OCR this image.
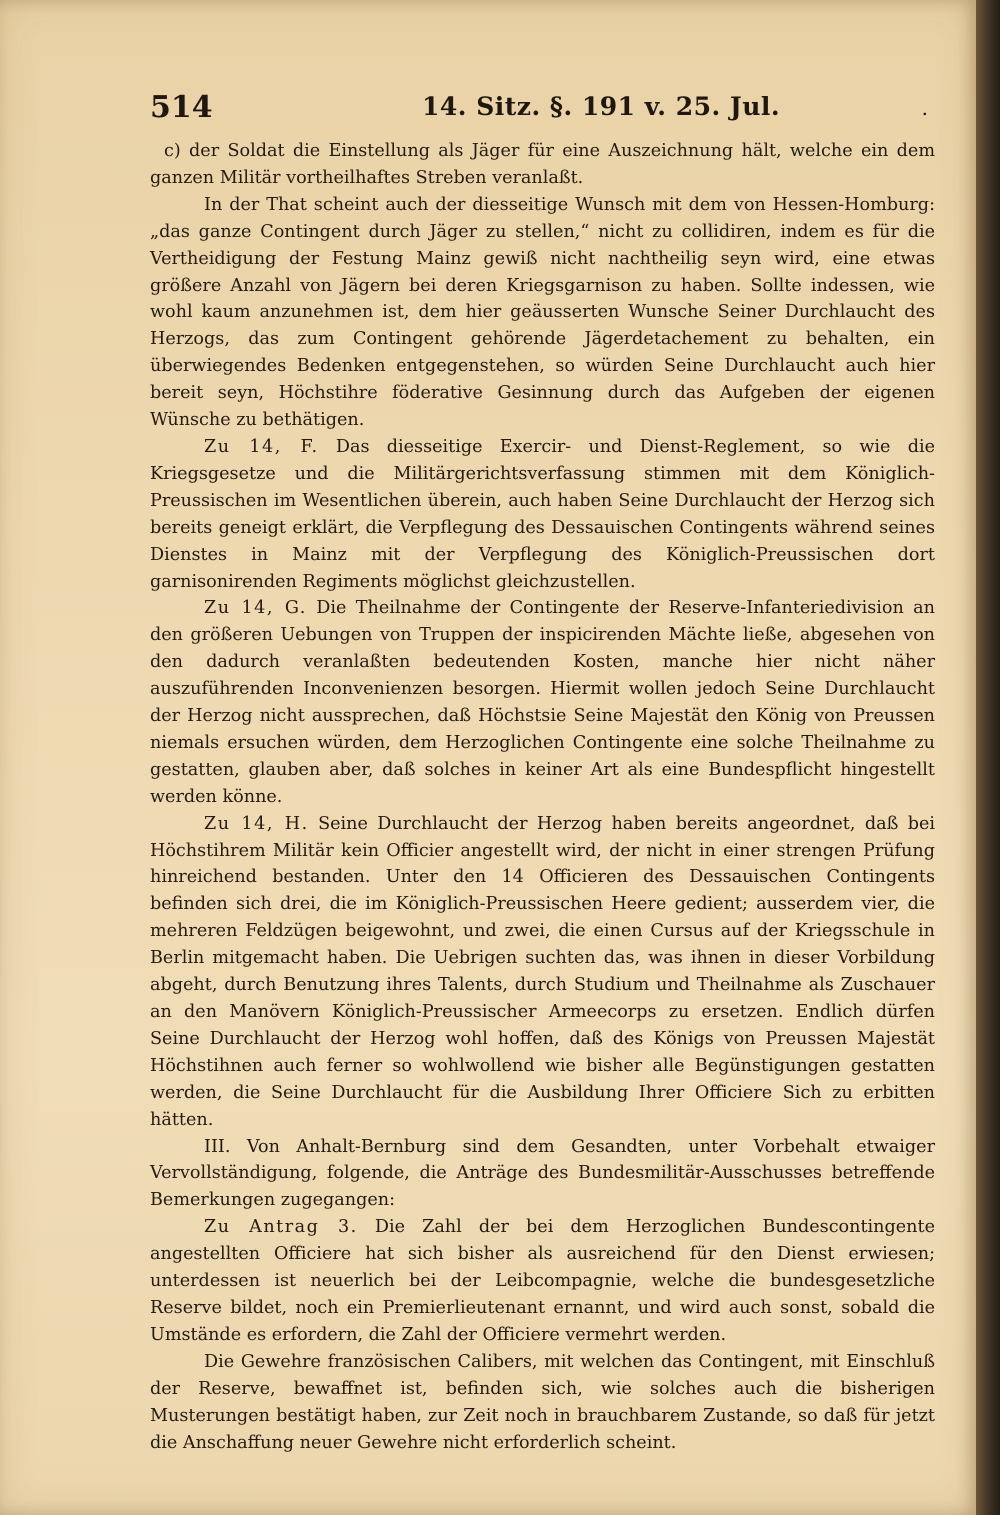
514	14. Sitz. §. 191 v. 25. Jul.	.

c) der Soldat die Einstellung als Jäger für eine Auszeichnung hält, welche ein dem ganzen Militär vortheilhaftes Streben veranlaßt.

In der That scheint auch der diesseitige Wunsch mit dem von Hessen-Homburg: „das ganze Contingent durch Jäger zu stellen,“ nicht zu collidiren, indem es für die Vertheidigung der Festung Mainz gewiß nicht nachtheilig seyn wird, eine etwas größere Anzahl von Jägern bei deren Kriegsgarnison zu haben. Sollte indessen, wie wohl kaum anzunehmen ist, dem hier geäusserten Wunsche Seiner Durchlaucht des Herzogs, das zum Contingent gehörende Jägerdetachement zu behalten, ein überwiegendes Bedenken entgegenstehen, so würden Seine Durchlaucht auch hier bereit seyn, Höchstihre föderative Gesinnung durch das Aufgeben der eigenen Wünsche zu bethätigen.

Zu 14, F. Das diesseitige Exercir- und Dienst-Reglement, so wie die Kriegsgesetze und die Militärgerichtsverfassung stimmen mit dem Königlich-Preussischen im Wesentlichen überein, auch haben Seine Durchlaucht der Herzog sich bereits geneigt erklärt, die Verpflegung des Dessauischen Contingents während seines Dienstes in Mainz mit der Verpflegung des Königlich-Preussischen dort garnisonirenden Regiments möglichst gleichzustellen.

Zu 14, G. Die Theilnahme der Contingente der Reserve-Infanteriedivision an den größeren Uebungen von Truppen der inspicirenden Mächte ließe, abgesehen von den dadurch veranlaßten bedeutenden Kosten, manche hier nicht näher auszuführenden Inconvenienzen besorgen. Hiermit wollen jedoch Seine Durchlaucht der Herzog nicht aussprechen, daß Höchstsie Seine Majestät den König von Preussen niemals ersuchen würden, dem Herzoglichen Contingente eine solche Theilnahme zu gestatten, glauben aber, daß solches in keiner Art als eine Bundespflicht hingestellt werden könne.

Zu 14, H. Seine Durchlaucht der Herzog haben bereits angeordnet, daß bei Höchstihrem Militär kein Officier angestellt wird, der nicht in einer strengen Prüfung hinreichend bestanden. Unter den 14 Officieren des Dessauischen Contingents befinden sich drei, die im Königlich-Preussischen Heere gedient; ausserdem vier, die mehreren Feldzügen beigewohnt, und zwei, die einen Cursus auf der Kriegsschule in Berlin mitgemacht haben. Die Uebrigen suchten das, was ihnen in dieser Vorbildung abgeht, durch Benutzung ihres Talents, durch Studium und Theilnahme als Zuschauer an den Manövern Königlich-Preussischer Armeecorps zu ersetzen. Endlich dürfen Seine Durchlaucht der Herzog wohl hoffen, daß des Königs von Preussen Majestät Höchstihnen auch ferner so wohlwollend wie bisher alle Begünstigungen gestatten werden, die Seine Durchlaucht für die Ausbildung Ihrer Officiere Sich zu erbitten hätten.

III. Von Anhalt-Bernburg sind dem Gesandten, unter Vorbehalt etwaiger Vervollständigung, folgende, die Anträge des Bundesmilitär-Ausschusses betreffende Bemerkungen zugegangen:

Zu Antrag 3. Die Zahl der bei dem Herzoglichen Bundescontingente angestellten Officiere hat sich bisher als ausreichend für den Dienst erwiesen; unterdessen ist neuerlich bei der Leibcompagnie, welche die bundesgesetzliche Reserve bildet, noch ein Premierlieutenant ernannt, und wird auch sonst, sobald die Umstände es erfordern, die Zahl der Officiere vermehrt werden.

Die Gewehre französischen Calibers, mit welchen das Contingent, mit Einschluß der Reserve, bewaffnet ist, befinden sich, wie solches auch die bisherigen Musterungen bestätigt haben, zur Zeit noch in brauchbarem Zustande, so daß für jetzt die Anschaffung neuer Gewehre nicht erforderlich scheint.
